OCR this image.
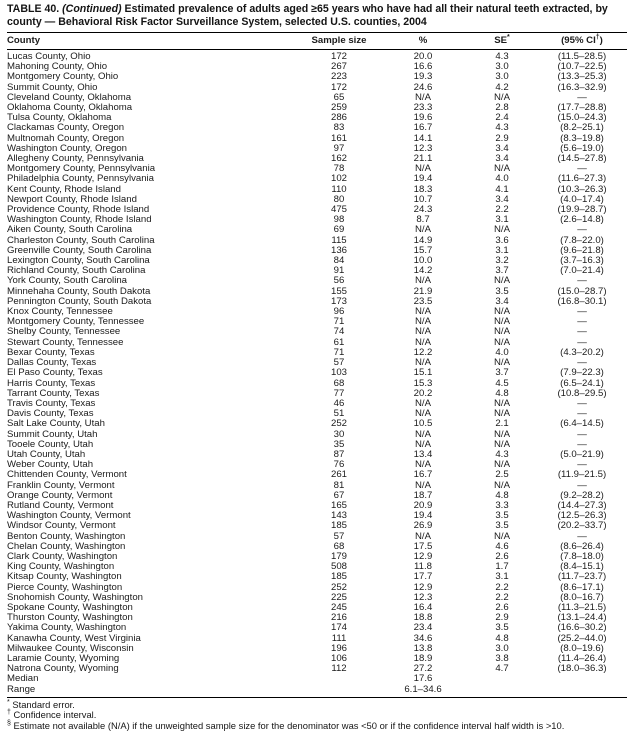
TABLE 40. (Continued) Estimated prevalence of adults aged ≥65 years who have had all their natural teeth extracted, by county — Behavioral Risk Factor Surveillance System, selected U.S. counties, 2004
County	Sample size	%	SE*	(95% CI†)
Lucas County, Ohio	172	20.0	4.3	(11.5–28.5)
Mahoning County, Ohio	267	16.6	3.0	(10.7–22.5)
Montgomery County, Ohio	223	19.3	3.0	(13.3–25.3)
Summit County, Ohio	172	24.6	4.2	(16.3–32.9)
Cleveland County, Oklahoma	65	N/A	N/A	—
Oklahoma County, Oklahoma	259	23.3	2.8	(17.7–28.8)
Tulsa County, Oklahoma	286	19.6	2.4	(15.0–24.3)
Clackamas County, Oregon	83	16.7	4.3	(8.2–25.1)
Multnomah County, Oregon	161	14.1	2.9	(8.3–19.8)
Washington County, Oregon	97	12.3	3.4	(5.6–19.0)
Allegheny County, Pennsylvania	162	21.1	3.4	(14.5–27.8)
Montgomery County, Pennsylvania	78	N/A	N/A	—
Philadelphia County, Pennsylvania	102	19.4	4.0	(11.6–27.3)
Kent County, Rhode Island	110	18.3	4.1	(10.3–26.3)
Newport County, Rhode Island	80	10.7	3.4	(4.0–17.4)
Providence County, Rhode Island	475	24.3	2.2	(19.9–28.7)
Washington County, Rhode Island	98	8.7	3.1	(2.6–14.8)
Aiken County, South Carolina	69	N/A	N/A	—
Charleston County, South Carolina	115	14.9	3.6	(7.8–22.0)
Greenville County, South Carolina	136	15.7	3.1	(9.6–21.8)
Lexington County, South Carolina	84	10.0	3.2	(3.7–16.3)
Richland County, South Carolina	91	14.2	3.7	(7.0–21.4)
York County, South Carolina	56	N/A	N/A	—
Minnehaha County, South Dakota	155	21.9	3.5	(15.0–28.7)
Pennington County, South Dakota	173	23.5	3.4	(16.8–30.1)
Knox County, Tennessee	96	N/A	N/A	—
Montgomery County, Tennessee	71	N/A	N/A	—
Shelby County, Tennessee	74	N/A	N/A	—
Stewart County, Tennessee	61	N/A	N/A	—
Bexar County, Texas	71	12.2	4.0	(4.3–20.2)
Dallas County, Texas	57	N/A	N/A	—
El Paso County, Texas	103	15.1	3.7	(7.9–22.3)
Harris County, Texas	68	15.3	4.5	(6.5–24.1)
Tarrant County, Texas	77	20.2	4.8	(10.8–29.5)
Travis County, Texas	46	N/A	N/A	—
Davis County, Texas	51	N/A	N/A	—
Salt Lake County, Utah	252	10.5	2.1	(6.4–14.5)
Summit County, Utah	30	N/A	N/A	—
Tooele County, Utah	35	N/A	N/A	—
Utah County, Utah	87	13.4	4.3	(5.0–21.9)
Weber County, Utah	76	N/A	N/A	—
Chittenden County, Vermont	261	16.7	2.5	(11.9–21.5)
Franklin County, Vermont	81	N/A	N/A	—
Orange County, Vermont	67	18.7	4.8	(9.2–28.2)
Rutland County, Vermont	165	20.9	3.3	(14.4–27.3)
Washington County, Vermont	143	19.4	3.5	(12.5–26.3)
Windsor County, Vermont	185	26.9	3.5	(20.2–33.7)
Benton County, Washington	57	N/A	N/A	—
Chelan County, Washington	68	17.5	4.6	(8.6–26.4)
Clark County, Washington	179	12.9	2.6	(7.8–18.0)
King County, Washington	508	11.8	1.7	(8.4–15.1)
Kitsap County, Washington	185	17.7	3.1	(11.7–23.7)
Pierce County, Washington	252	12.9	2.2	(8.6–17.1)
Snohomish County, Washington	225	12.3	2.2	(8.0–16.7)
Spokane County, Washington	245	16.4	2.6	(11.3–21.5)
Thurston County, Washington	216	18.8	2.9	(13.1–24.4)
Yakima County, Washington	174	23.4	3.5	(16.6–30.2)
Kanawha County, West Virginia	111	34.6	4.8	(25.2–44.0)
Milwaukee County, Wisconsin	196	13.8	3.0	(8.0–19.6)
Laramie County, Wyoming	106	18.9	3.8	(11.4–26.4)
Natrona County, Wyoming	112	27.2	4.7	(18.0–36.3)
Median		17.6		
Range		6.1–34.6		
* Standard error.
† Confidence interval.
§ Estimate not available (N/A) if the unweighted sample size for the denominator was <50 or if the confidence interval half width is >10.
